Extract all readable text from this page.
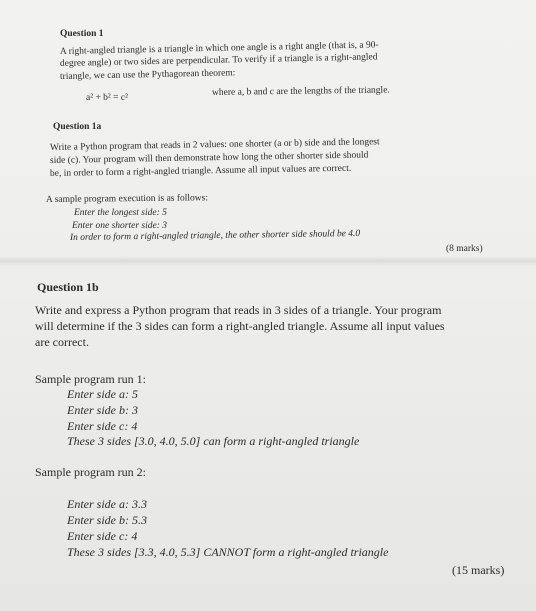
Question 1
A right-angled triangle is a triangle in which one angle is a right angle (that is, a 90-
degree angle) or two sides are perpendicular. To verify if a triangle is a right-angled
triangle, we can use the Pythagorean theorem:
a² + b² = c²
where a, b and c are the lengths of the triangle.
Question 1a
Write a Python program that reads in 2 values: one shorter (a or b) side and the longest
side (c). Your program will then demonstrate how long the other shorter side should
be, in order to form a right-angled triangle. Assume all input values are correct.
A sample program execution is as follows:
Enter the longest side: 5
Enter one shorter side: 3
In order to form a right-angled triangle, the other shorter side should be 4.0
(8 marks)
Question 1b
Write and express a Python program that reads in 3 sides of a triangle. Your program
will determine if the 3 sides can form a right-angled triangle. Assume all input values
are correct.
Sample program run 1:
Enter side a: 5
Enter side b: 3
Enter side c: 4
These 3 sides [3.0, 4.0, 5.0] can form a right-angled triangle
Sample program run 2:
Enter side a: 3.3
Enter side b: 5.3
Enter side c: 4
These 3 sides [3.3, 4.0, 5.3] CANNOT form a right-angled triangle
(15 marks)
